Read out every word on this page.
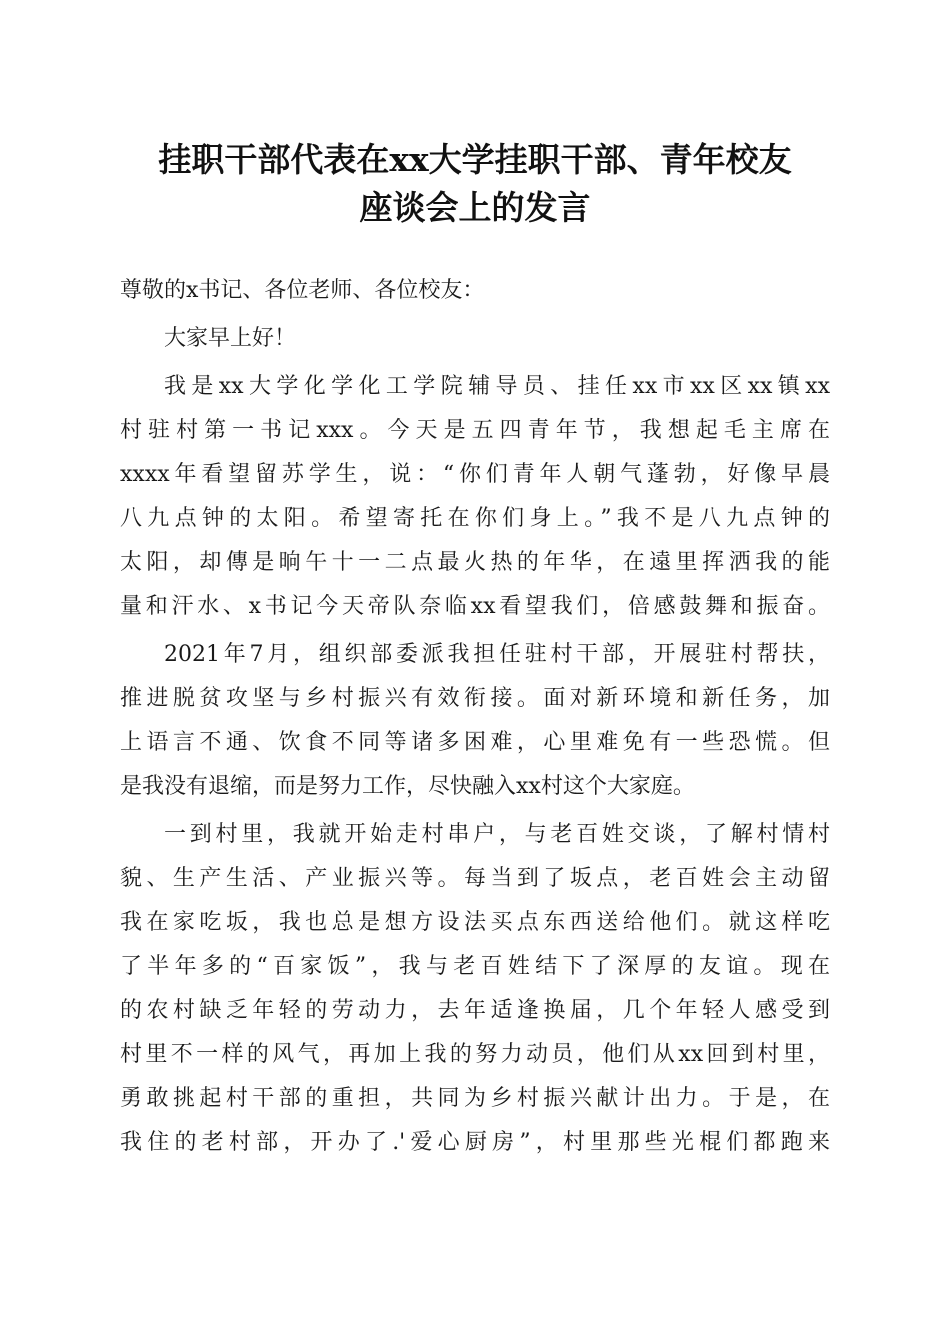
挂职干部代表在xx大学挂职干部、青年校友
座谈会上的发言
尊敬的x书记、各位老师、各位校友：
大家早上好！
我是xx大学化学化工学院辅导员、挂任xx市xx区xx镇xx
村驻村第一书记xxx。今天是五四青年节，我想起毛主席在
xxxx年看望留苏学生，说：“你们青年人朝气蓬勃，好像早晨
八九点钟的太阳。希望寄托在你们身上。”我不是八九点钟的
太阳，却傳是晌午十一二点最火热的年华，在遠里挥洒我的能
量和汗水、x书记今天帝队奈临xx看望我们，倍感鼓舞和振奋。
2021年7月，组织部委派我担任驻村干部，开展驻村帮扶，
推进脱贫攻坚与乡村振兴有效衔接。面对新环境和新任务，加
上语言不通、饮食不同等诸多困难，心里难免有一些恐慌。但
是我没有退缩，而是努力工作，尽快融入xx村这个大家庭。
一到村里，我就开始走村串户，与老百姓交谈，了解村情村
貌、生产生活、产业振兴等。每当到了坂点，老百姓会主动留
我在家吃坂，我也总是想方设法买点东西送给他们。就这样吃
了半年多的“百家饭”，我与老百姓结下了深厚的友谊。现在
的农村缺乏年轻的劳动力，去年适逢换届，几个年轻人感受到
村里不一样的风气，再加上我的努力动员，他们从xx回到村里，
勇敢挑起村干部的重担，共同为乡村振兴献计出力。于是，在
我住的老村部，开办了.'爱心厨房”，村里那些光棍们都跑来
